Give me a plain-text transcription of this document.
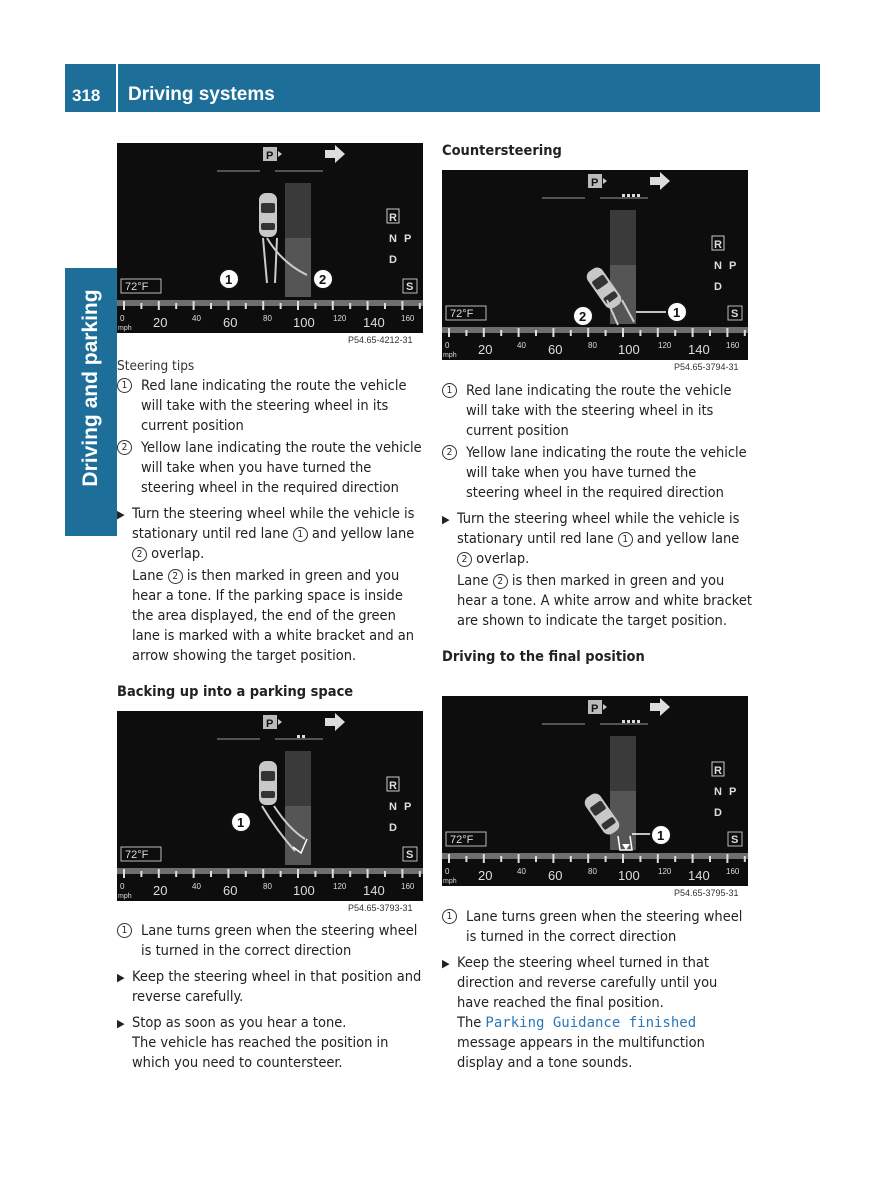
318 Driving systems
Driving and parking
P
R
N P
D
72°F	S
0
mph 20	40 60	80 100 120 140 160
1	2
P54.65-4212-31
P
R
N P
D
72°F	S
0
mph 20	40 60	80 100 120 140 160
1
P54.65-3793-31
P
R
N P
D
72°F	S
0
mph 20	40 60	80 100 120 140 160
2	1
P54.65-3794-31
P
R
N P
D
72°F	S
0
mph 20	40 60	80 100 120 140 160
1
P54.65-3795-31

Steering tips

1 Red lane indicating the route the vehicle will take with the steering wheel in its current position
2 Yellow lane indicating the route the vehicle will take when you have turned the steering wheel in the required direction
▶ Turn the steering wheel while the vehicle is stationary until red lane 1 and yellow lane 2 overlap.

Lane 2 is then marked in green and you hear a tone. If the parking space is inside the area displayed, the end of the green lane is marked with a white bracket and an arrow showing the target position.

Backing up into a parking space

1 Lane turns green when the steering wheel is turned in the correct direction
▶ Keep the steering wheel in that position and reverse carefully.
▶ Stop as soon as you hear a tone.
The vehicle has reached the position in which you need to countersteer.

Countersteering

1 Red lane indicating the route the vehicle will take with the steering wheel in its current position
2 Yellow lane indicating the route the vehicle will take when you have turned the steering wheel in the required direction
▶ Turn the steering wheel while the vehicle is stationary until red lane 1 and yellow lane 2 overlap.

Lane 2 is then marked in green and you hear a tone. A white arrow and white bracket are shown to indicate the target position.

Driving to the final position

1 Lane turns green when the steering wheel is turned in the correct direction
▶ Keep the steering wheel turned in that direction and reverse carefully until you have reached the final position.
The Parking Guidance finished
message appears in the multifunction display and a tone sounds.
